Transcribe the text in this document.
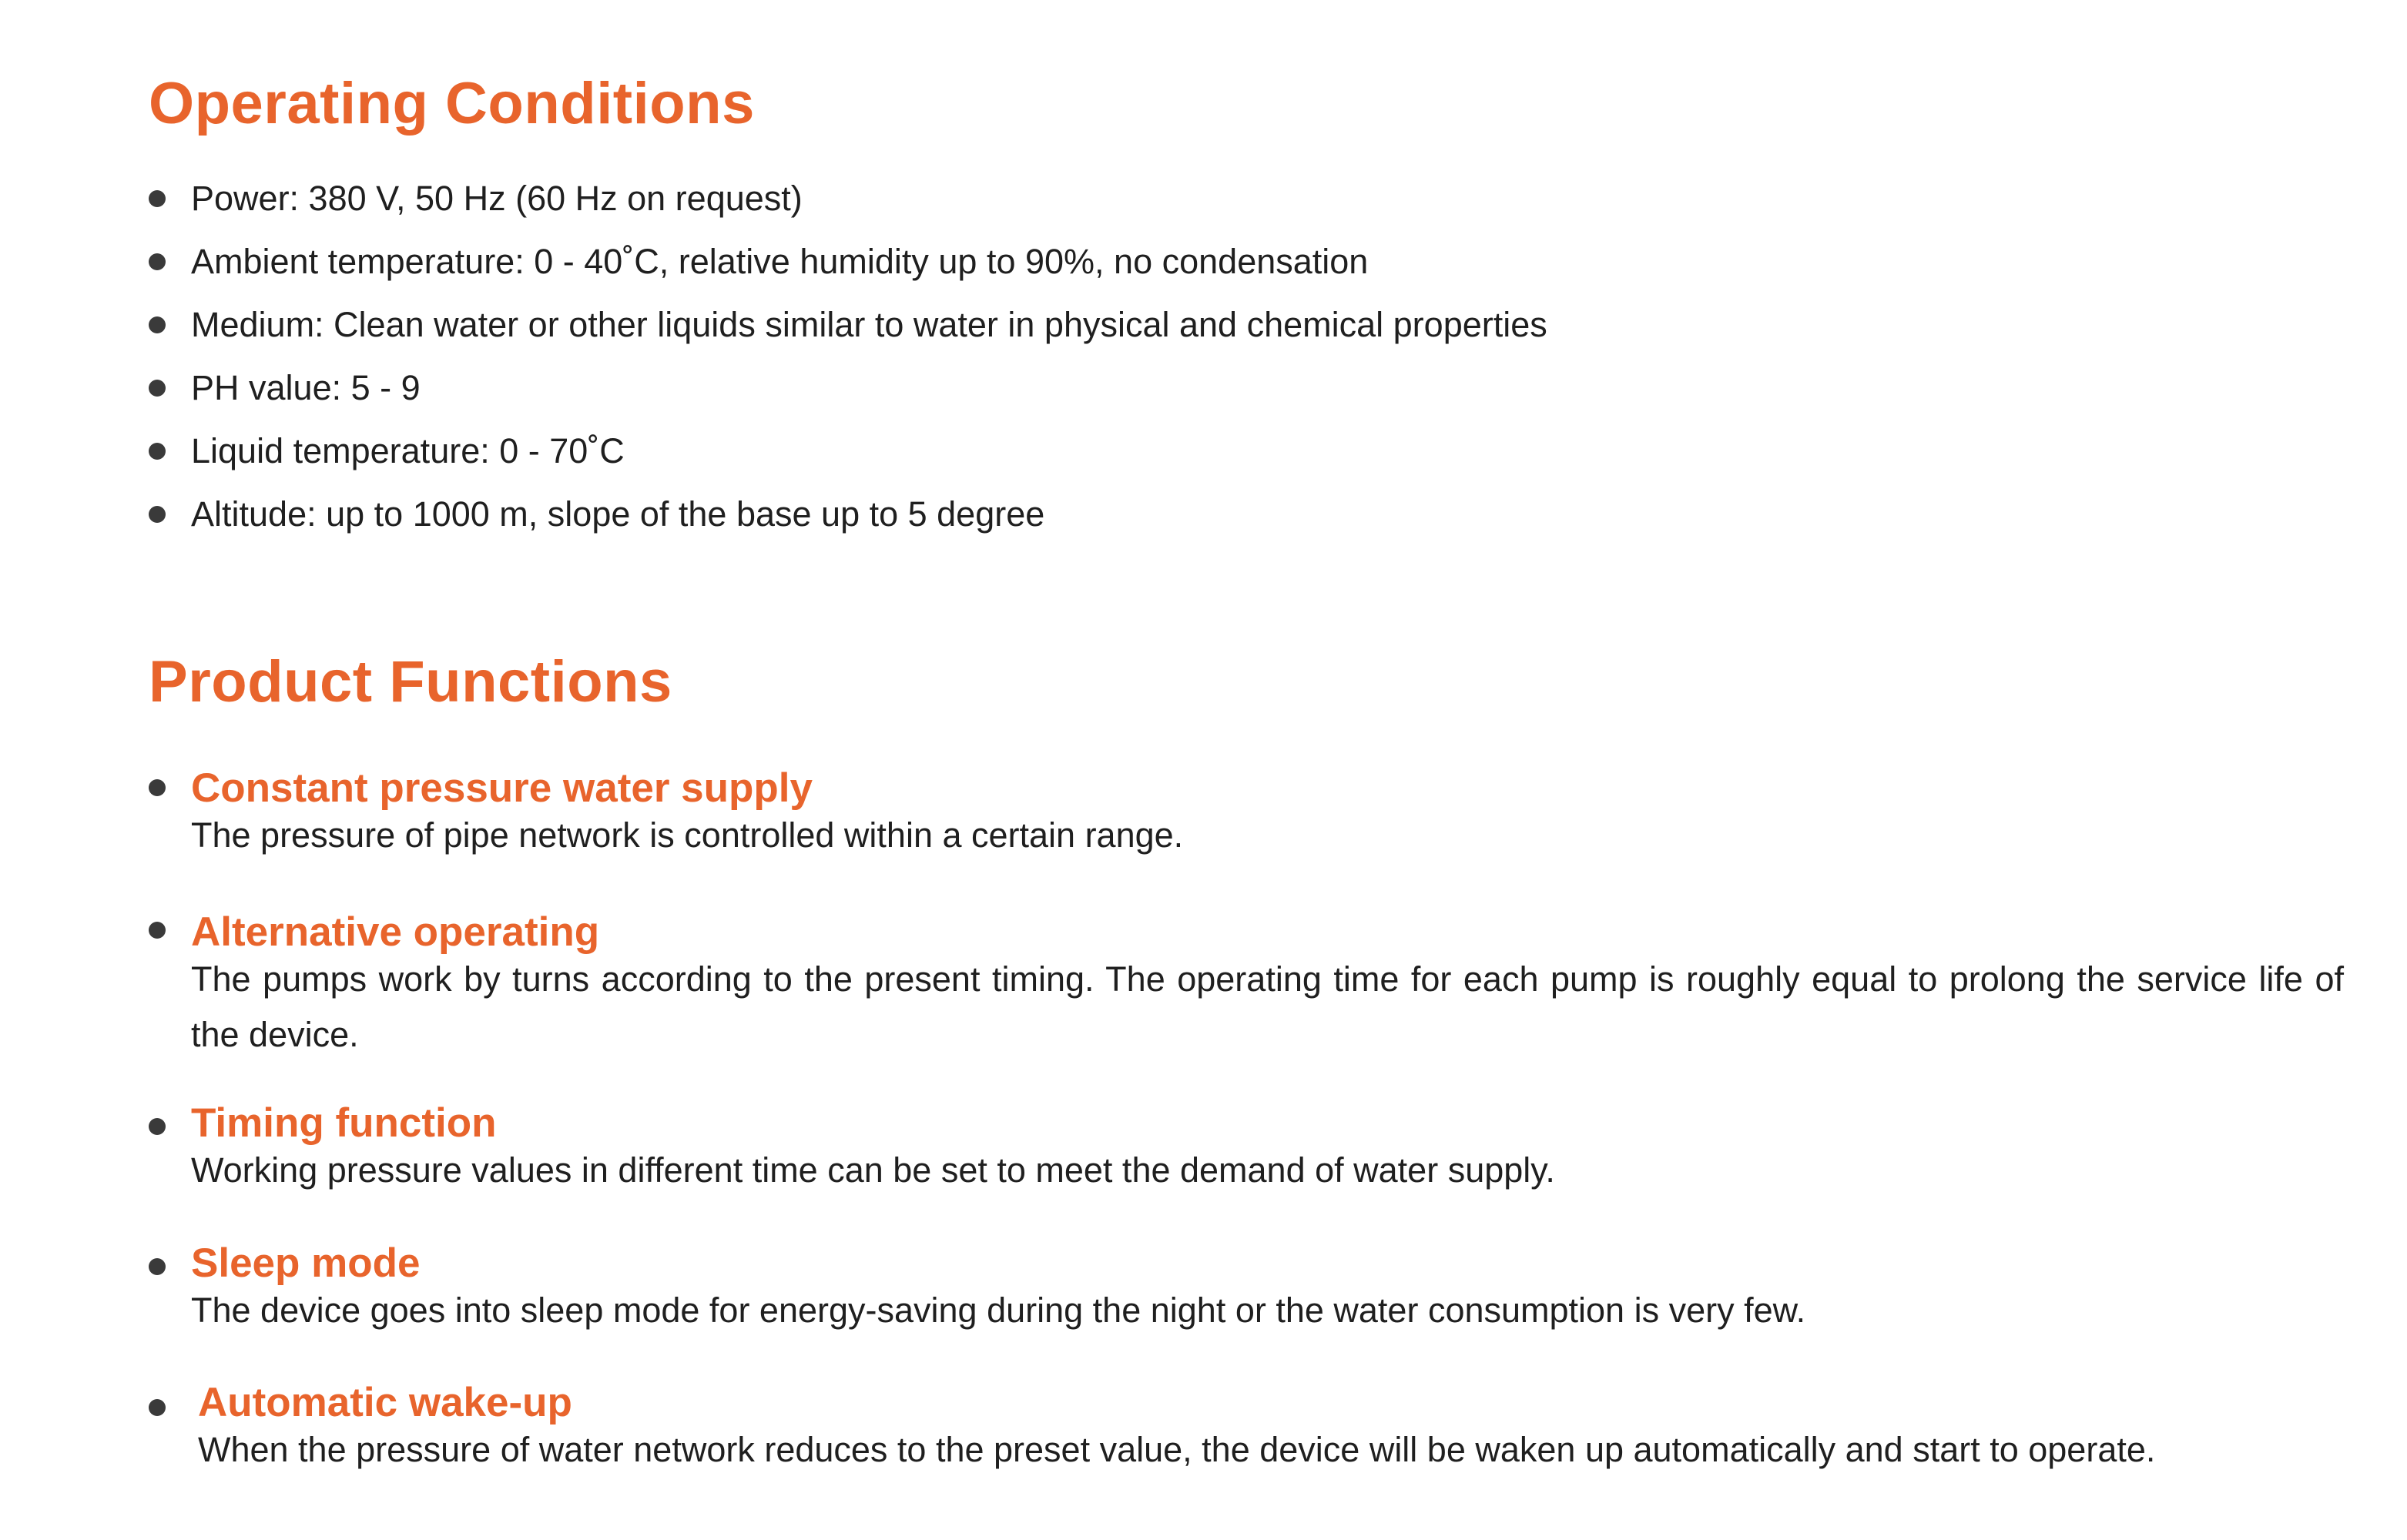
Operating Conditions
Power: 380 V, 50 Hz (60 Hz on request)
Ambient temperature: 0 - 40˚C, relative humidity up to 90%, no condensation
Medium: Clean water or other liquids similar to water in physical and chemical properties
PH value: 5 - 9
Liquid temperature: 0 - 70˚C
Altitude: up to 1000 m, slope of the base up to 5 degree
Product Functions
Constant pressure water supply
The pressure of pipe network is controlled within a certain range.
Alternative operating
The pumps work by turns according to the present timing. The operating time for each pump is roughly equal to prolong the service life of the device.
Timing function
Working pressure values in different time can be set to meet the demand of water supply.
Sleep mode
The device goes into sleep mode for energy-saving during the night or the water consumption is very few.
Automatic wake-up
When the pressure of water network reduces to the preset value, the device will be waken up automatically and start to operate.
